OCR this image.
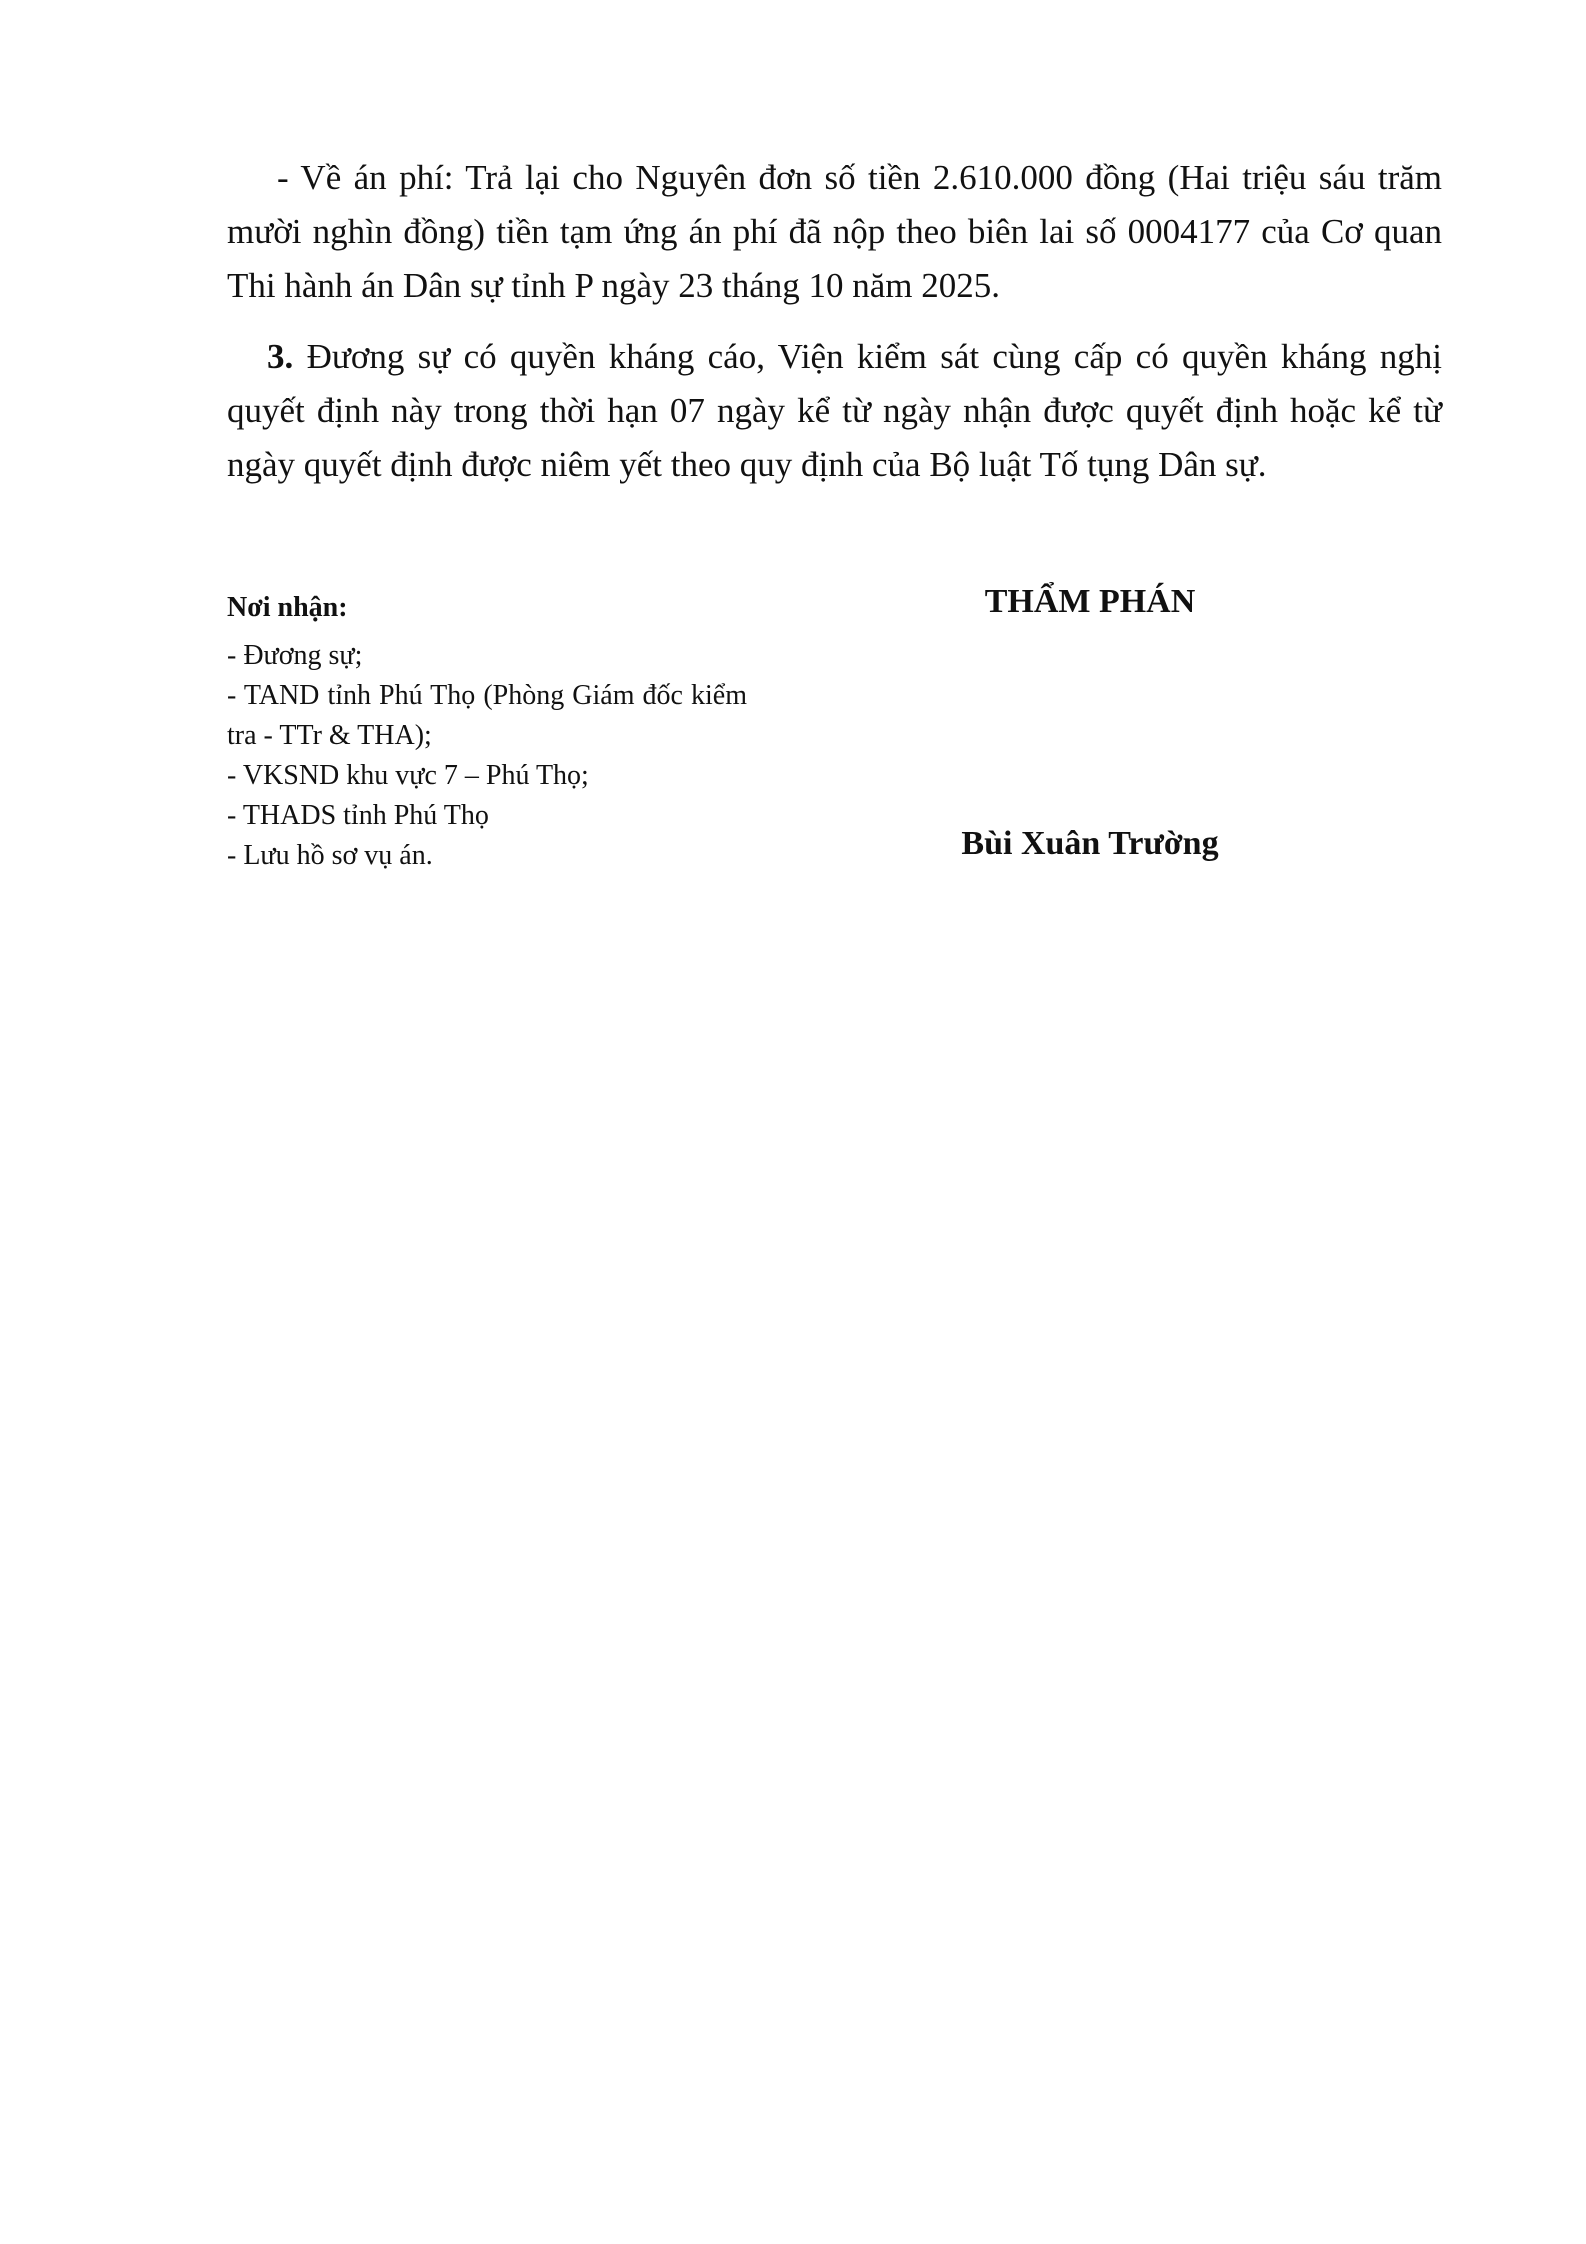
- Về án phí: Trả lại cho Nguyên đơn số tiền 2.610.000 đồng (Hai triệu sáu trăm mười nghìn đồng) tiền tạm ứng án phí đã nộp theo biên lai số 0004177 của Cơ quan Thi hành án Dân sự tỉnh P ngày 23 tháng 10 năm 2025.

3. Đương sự có quyền kháng cáo, Viện kiểm sát cùng cấp có quyền kháng nghị quyết định này trong thời hạn 07 ngày kể từ ngày nhận được quyết định hoặc kể từ ngày quyết định được niêm yết theo quy định của Bộ luật Tố tụng Dân sự.

Nơi nhận:

- Đương sự;
- TAND tỉnh Phú Thọ (Phòng Giám đốc kiểm tra - TTr & THA);
- VKSND khu vực 7 – Phú Thọ;
- THADS tỉnh Phú Thọ
- Lưu hồ sơ vụ án.
THẨM PHÁN
Bùi Xuân Trường
